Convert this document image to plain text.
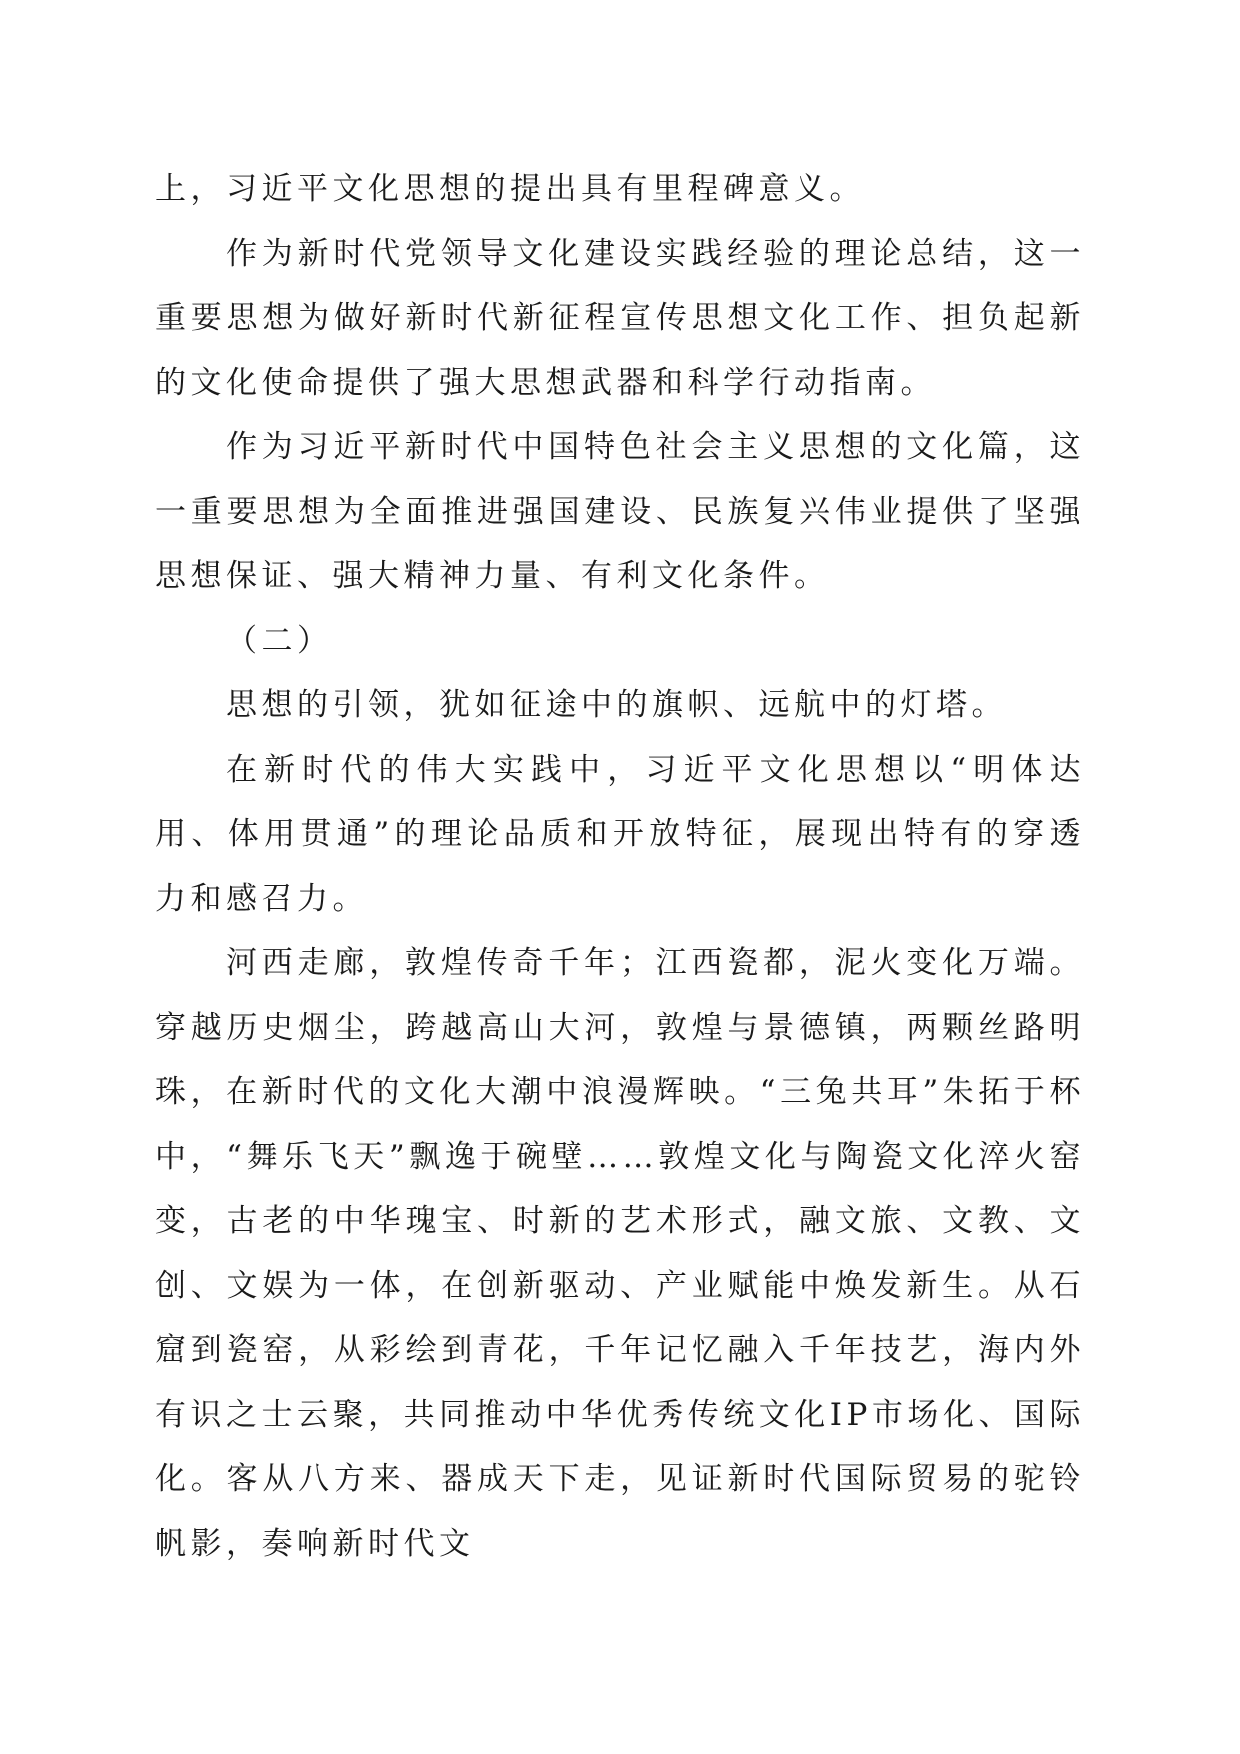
上，习近平文化思想的提出具有里程碑意义。

作为新时代党领导文化建设实践经验的理论总结，这一重要思想为做好新时代新征程宣传思想文化工作、担负起新的文化使命提供了强大思想武器和科学行动指南。

作为习近平新时代中国特色社会主义思想的文化篇，这一重要思想为全面推进强国建设、民族复兴伟业提供了坚强思想保证、强大精神力量、有利文化条件。

（二）

思想的引领，犹如征途中的旗帜、远航中的灯塔。

在新时代的伟大实践中，习近平文化思想以“明体达用、体用贯通”的理论品质和开放特征，展现出特有的穿透力和感召力。

河西走廊，敦煌传奇千年；江西瓷都，泥火变化万端。穿越历史烟尘，跨越高山大河，敦煌与景德镇，两颗丝路明珠，在新时代的文化大潮中浪漫辉映。“三兔共耳”朱拓于杯中，“舞乐飞天”飘逸于碗壁……敦煌文化与陶瓷文化淬火窑变，古老的中华瑰宝、时新的艺术形式，融文旅、文教、文创、文娱为一体，在创新驱动、产业赋能中焕发新生。从石窟到瓷窑，从彩绘到青花，千年记忆融入千年技艺，海内外有识之士云聚，共同推动中华优秀传统文化IP市场化、国际化。客从八方来、器成天下走，见证新时代国际贸易的驼铃帆影，奏响新时代文
